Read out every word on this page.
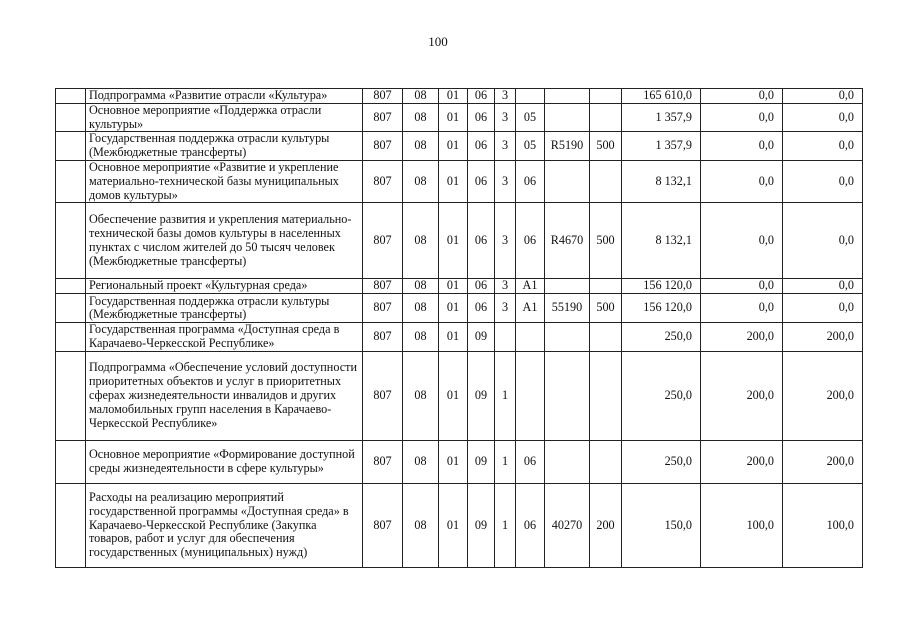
100
	Подпрограмма «Развитие отрасли «Культура»	807	08	01	06	3				165 610,0	0,0	0,0
	Основное мероприятие «Поддержка отрасли культуры»	807	08	01	06	3	05			1 357,9	0,0	0,0
	Государственная поддержка отрасли культуры (Межбюджетные трансферты)	807	08	01	06	3	05	R5190	500	1 357,9	0,0	0,0
	Основное мероприятие «Развитие и укрепление материально-технической базы муниципальных домов культуры»	807	08	01	06	3	06			8 132,1	0,0	0,0
	Обеспечение развития и укрепления материально-технической базы домов культуры в населенных пунктах с числом жителей до 50 тысяч человек (Межбюджетные трансферты)	807	08	01	06	3	06	R4670	500	8 132,1	0,0	0,0
	Региональный проект «Культурная среда»	807	08	01	06	3	A1			156 120,0	0,0	0,0
	Государственная поддержка отрасли культуры (Межбюджетные трансферты)	807	08	01	06	3	A1	55190	500	156 120,0	0,0	0,0
	Государственная программа «Доступная среда в Карачаево-Черкесской Республике»	807	08	01	09					250,0	200,0	200,0
	Подпрограмма «Обеспечение условий доступности приоритетных объектов и услуг в приоритетных сферах жизнедеятельности инвалидов и других маломобильных групп населения в Карачаево-Черкесской Республике»	807	08	01	09	1				250,0	200,0	200,0
	Основное мероприятие «Формирование доступной среды жизнедеятельности в сфере культуры»	807	08	01	09	1	06			250,0	200,0	200,0
	Расходы на реализацию мероприятий государственной программы «Доступная среда» в Карачаево-Черкесской Республике (Закупка товаров, работ и услуг для обеспечения государственных (муниципальных) нужд)	807	08	01	09	1	06	40270	200	150,0	100,0	100,0
